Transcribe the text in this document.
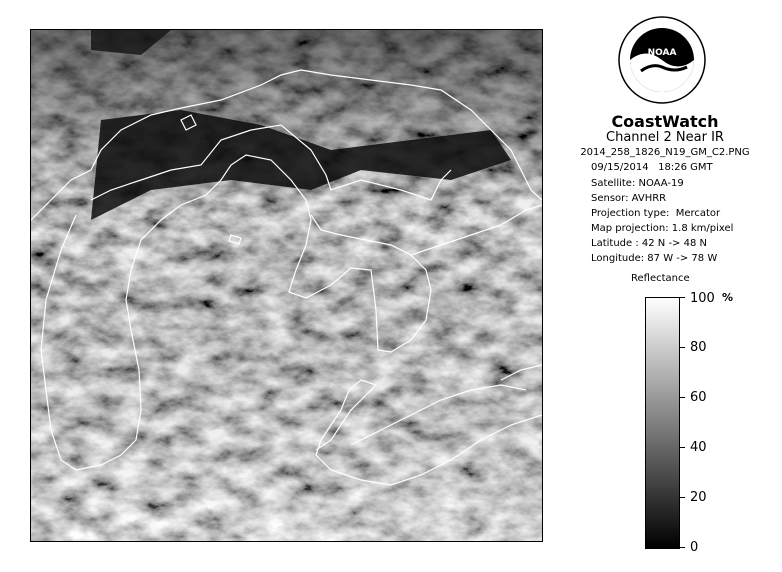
NOAA
CoastWatch
Channel 2 Near IR
2014_258_1826_N19_GM_C2.PNG
09/15/2014   18:26 GMT
Satellite: NOAA-19
Sensor: AVHRR
Projection type:  Mercator
Map projection: 1.8 km/pixel
Latitude : 42 N -> 48 N
Longitude: 87 W -> 78 W
Reflectance
%
100
80
60
40
20
0
